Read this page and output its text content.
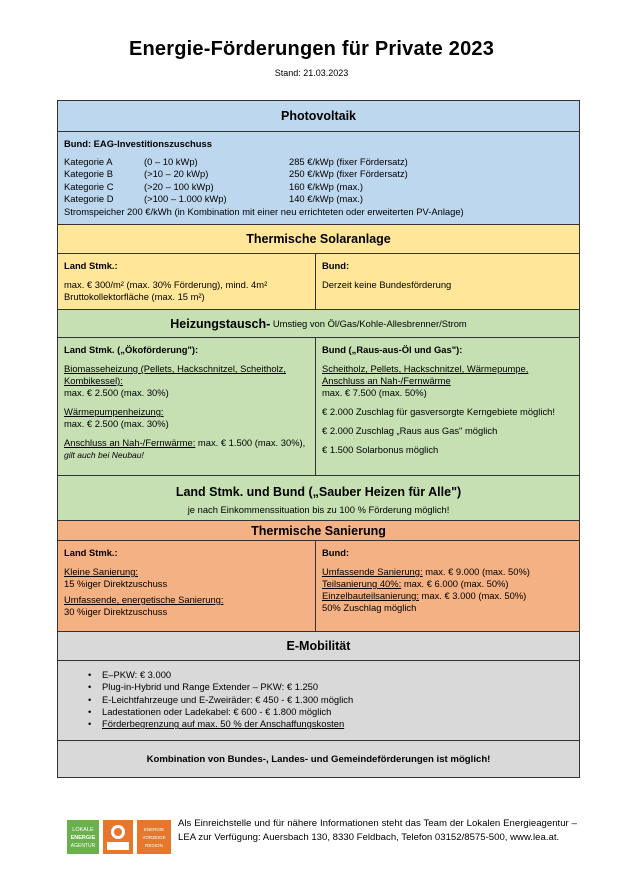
Energie-Förderungen für Private 2023
Stand: 21.03.2023
Photovoltaik
Bund: EAG-Investitionszuschuss
Kategorie A	(0 – 10 kWp)	285 €/kWp (fixer Fördersatz)
Kategorie B	(>10 – 20 kWp)	250 €/kWp (fixer Fördersatz)
Kategorie C	(>20 – 100 kWp)	160 €/kWp (max.)
Kategorie D	(>100 – 1.000 kWp)	140 €/kWp (max.)
Stromspeicher 200 €/kWh (in Kombination mit einer neu errichteten oder erweiterten PV-Anlage)
Thermische Solaranlage
Land Stmk.:
max. € 300/m² (max. 30% Förderung), mind. 4m² Bruttokollektorfläche (max. 15 m²)
Bund:
Derzeit keine Bundesförderung
Heizungstausch- Umstieg von Öl/Gas/Kohle-Allesbrenner/Strom
Land Stmk. („Ökoförderung"):
Biomasseheizung (Pellets, Hackschnitzel, Scheitholz, Kombikessel):
max. € 2.500 (max. 30%)
Wärmepumpenheizung:
max. € 2.500 (max. 30%)
Anschluss an Nah-/Fernwärme: max. € 1.500 (max. 30%), gilt auch bei Neubau!
Bund („Raus-aus-Öl und Gas"):
Scheitholz, Pellets, Hackschnitzel, Wärmepumpe, Anschluss an Nah-/Fernwärme
max. € 7.500 (max. 50%)
€ 2.000 Zuschlag für gasversorgte Kerngebiete möglich!
€ 2.000 Zuschlag „Raus aus Gas" möglich
€ 1.500 Solarbonus möglich
Land Stmk. und Bund („Sauber Heizen für Alle")
je nach Einkommenssituation bis zu 100 % Förderung möglich!
Thermische Sanierung
Land Stmk.:
Kleine Sanierung:
15 %iger Direktzuschuss
Umfassende, energetische Sanierung:
30 %iger Direktzuschuss
Bund:
Umfassende Sanierung: max. € 9.000 (max. 50%)
Teilsanierung 40%: max. € 6.000 (max. 50%)
Einzelbauteilsanierung: max. € 3.000 (max. 50%)
50% Zuschlag möglich
E-Mobilität
• E–PKW: € 3.000
• Plug-in-Hybrid und Range Extender – PKW: € 1.250
• E-Leichtfahrzeuge und E-Zweiräder: € 450 - € 1.300 möglich
• Ladestationen oder Ladekabel: € 600 - € 1.800 möglich
• Förderbegrenzung auf max. 50 % der Anschaffungskosten
Kombination von Bundes-, Landes- und Gemeindeförderungen ist möglich!
LOKALE
ENERGIE
AGENTUR
ENERGIE
VORZEIGE
REGION
Als Einreichstelle und für nähere Informationen steht das Team der Lokalen Energieagentur – LEA zur Verfügung: Auersbach 130, 8330 Feldbach, Telefon 03152/8575-500, www.lea.at.
